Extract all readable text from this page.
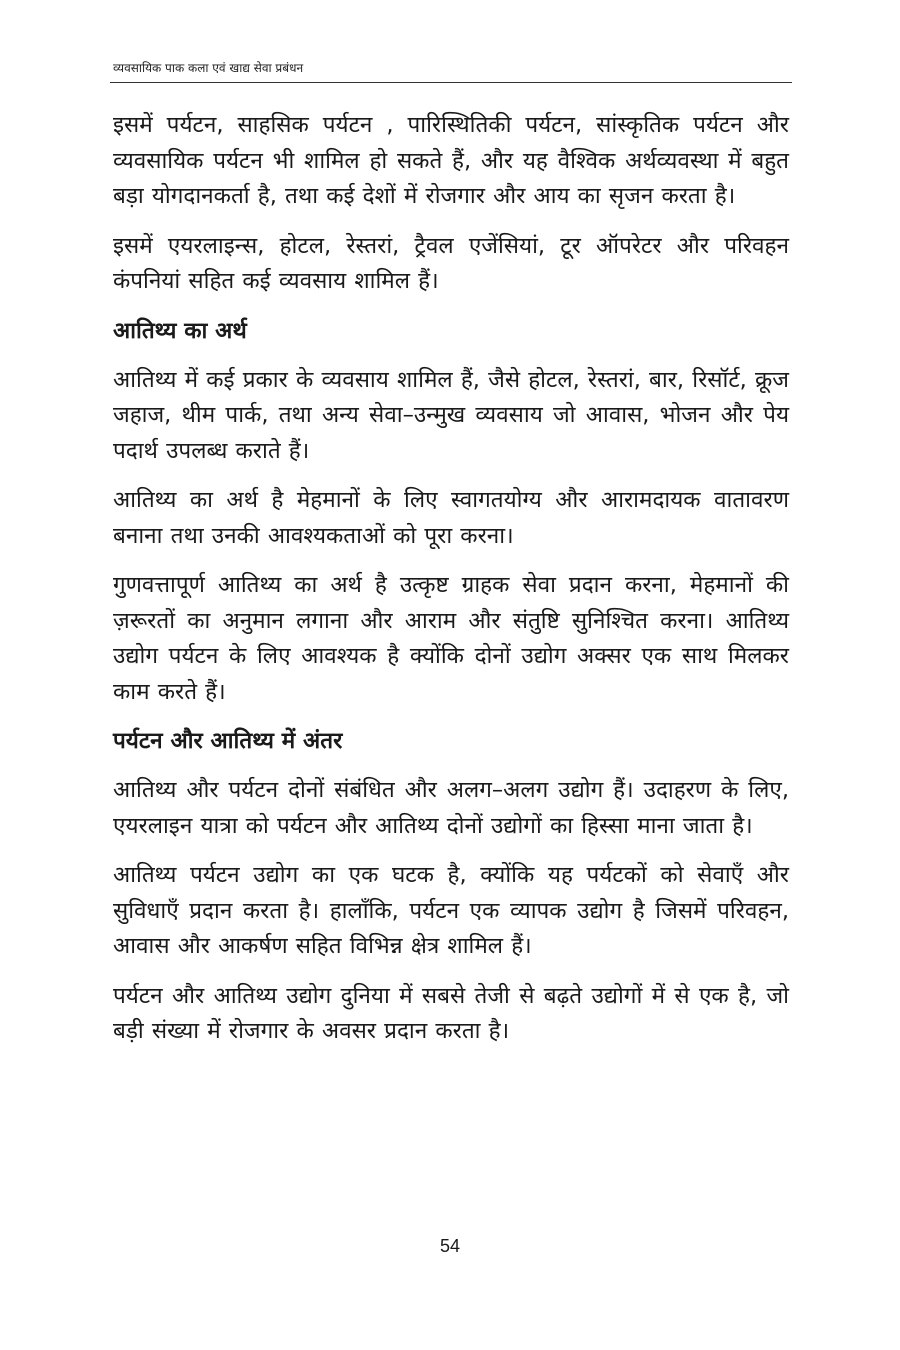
व्यवसायिक पाक कला एवं खाद्य सेवा प्रबंधन

इसमें पर्यटन, साहसिक पर्यटन , पारिस्थितिकी पर्यटन, सांस्कृतिक पर्यटन और व्यवसायिक पर्यटन भी शामिल हो सकते हैं, और यह वैश्विक अर्थव्यवस्था में बहुत बड़ा योगदानकर्ता है, तथा कई देशों में रोजगार और आय का सृजन करता है।

इसमें एयरलाइन्स, होटल, रेस्तरां, ट्रैवल एजेंसियां, टूर ऑपरेटर और परिवहन कंपनियां सहित कई व्यवसाय शामिल हैं।

आतिथ्य का अर्थ

आतिथ्य में कई प्रकार के व्यवसाय शामिल हैं, जैसे होटल, रेस्तरां, बार, रिसॉर्ट, क्रूज जहाज, थीम पार्क, तथा अन्य सेवा–उन्मुख व्यवसाय जो आवास, भोजन और पेय पदार्थ उपलब्ध कराते हैं।

आतिथ्य का अर्थ है मेहमानों के लिए स्वागतयोग्य और आरामदायक वातावरण बनाना तथा उनकी आवश्यकताओं को पूरा करना।

गुणवत्तापूर्ण आतिथ्य का अर्थ है उत्कृष्ट ग्राहक सेवा प्रदान करना, मेहमानों की ज़रूरतों का अनुमान लगाना और आराम और संतुष्टि सुनिश्चित करना। आतिथ्य उद्योग पर्यटन के लिए आवश्यक है क्योंकि दोनों उद्योग अक्सर एक साथ मिलकर काम करते हैं।

पर्यटन और आतिथ्य में अंतर

आतिथ्य और पर्यटन दोनों संबंधित और अलग–अलग उद्योग हैं। उदाहरण के लिए, एयरलाइन यात्रा को पर्यटन और आतिथ्य दोनों उद्योगों का हिस्सा माना जाता है।

आतिथ्य पर्यटन उद्योग का एक घटक है, क्योंकि यह पर्यटकों को सेवाएँ और सुविधाएँ प्रदान करता है। हालाँकि, पर्यटन एक व्यापक उद्योग है जिसमें परिवहन, आवास और आकर्षण सहित विभिन्न क्षेत्र शामिल हैं।

पर्यटन और आतिथ्य उद्योग दुनिया में सबसे तेजी से बढ़ते उद्योगों में से एक है, जो बड़ी संख्या में रोजगार के अवसर प्रदान करता है।

54
